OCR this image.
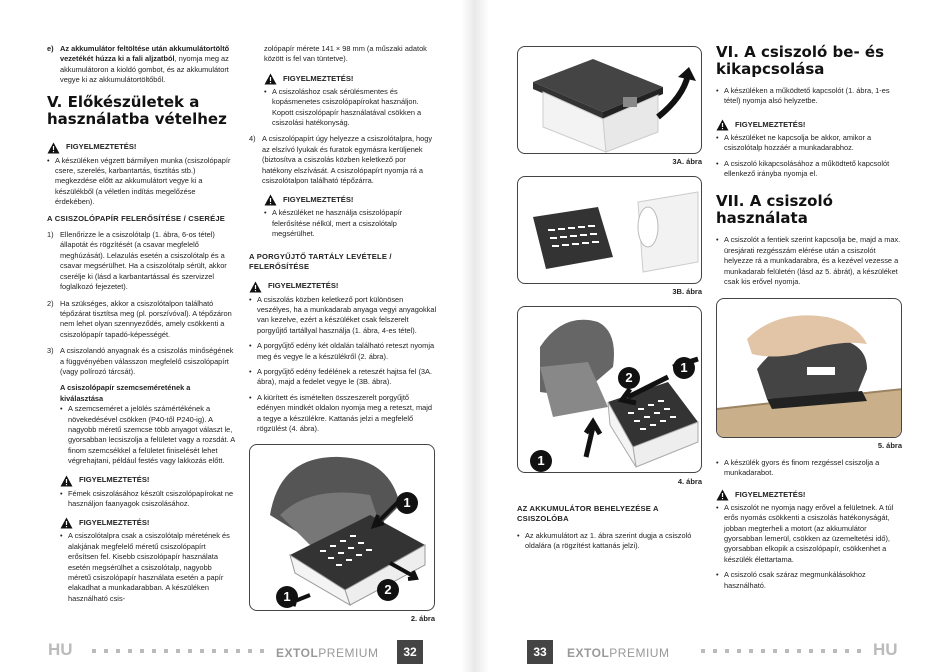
e) Az akkumulátor feltöltése után akkumulátortöltő vezetékét húzza ki a fali aljzatból, nyomja meg az akkumulátoron a kioldó gombot, és az akkumulátort vegye ki az akkumulátortöltőből.

V. Előkészületek a használatba vételhez
FIGYELMEZTETÉS!
• A készüléken végzett bármilyen munka (csiszolópapír csere, szerelés, karbantartás, tisztítás stb.) megkezdése előtt az akkumulátort vegye ki a készülékből (a véletlen indítás megelőzése érdekében).
A CSISZOLÓPAPÍR FELERŐSÍTÉSE / CSERÉJE
1) Ellenőrizze le a csiszolótalp (1. ábra, 6-os tétel) állapotát és rögzítését (a csavar megfelelő meghúzását). Lelazulás esetén a csiszolótalp és a csavar megsérülhet. Ha a csiszolótalp sérült, akkor cserélje ki (lásd a karbantartással és szervizzel foglalkozó fejezetet).
2) Ha szükséges, akkor a csiszolótalpon található tépőzárat tisztítsa meg (pl. porszívóval). A tépőzáron nem lehet olyan szennyeződés, amely csökkenti a csiszolópapír tapadó-képességét.
3) A csiszolandó anyagnak és a csiszolás minőségének a függvényében válasszon megfelelő csiszolópapírt (vagy polírozó tárcsát).
A csiszolópapír szemcseméretének a kiválasztása
• A szemcseméret a jelölés számértékének a növekedésével csökken (P40-től P240-ig). A nagyobb méretű szemcse több anyagot választ le, gyorsabban lecsiszolja a felületet vagy a rozsdát. A finom szemcsékkel a felületet finiselését lehet végrehajtani, például festés vagy lakkozás előtt.
FIGYELMEZTETÉS!
• Fémek csiszolásához készült csiszolópapírokat ne használjon faanyagok csiszolásához.
FIGYELMEZTETÉS!
• A csiszolótalpra csak a csiszolótalp méretének és alakjának megfelelő méretű csiszolópapírt erősítsen fel. Kisebb csiszolópapír használata esetén megsérülhet a csiszolótalp, nagyobb méretű csiszolópapír használata esetén a papír elakadhat a munkadarabban. A készüléken használható csis-

zolópapír mérete 141 × 98 mm (a műszaki adatok között is fel van tüntetve).

FIGYELMEZTETÉS!
• A csiszoláshoz csak sérülésmentes és kopásmenetes csiszolópapírokat használjon. Kopott csiszolópapír használatával csökken a csiszolási hatékonyság.
4) A csiszolópapírt úgy helyezze a csiszolótalpra, hogy az elszívó lyukak és furatok egymásra kerüljenek (biztosítva a csiszolás közben keletkező por hatékony elszívását. A csiszolópapírt nyomja rá a csiszolótalpon található tépőzárra.
FIGYELMEZTETÉS!
• A készüléket ne használja csiszolópapír felerősítése nélkül, mert a csiszolótalp megsérülhet.
A PORGYŰJTŐ TARTÁLY LEVÉTELE / FELERŐSÍTÉSE
FIGYELMEZTETÉS!
• A csiszolás közben keletkező port különösen veszélyes, ha a munkadarab anyaga vegyi anyagokkal van kezelve, ezért a készüléket csak felszerelt porgyűjtő tartállyal használja (1. ábra, 4-es tétel).
• A porgyűjtő edény két oldalán található reteszt nyomja meg és vegye le a készülékről (2. ábra).
• A porgyűjtő edény fedélének a reteszét hajtsa fel (3A. ábra), majd a fedelet vegye le (3B. ábra).
• A kiürített és ismételten összeszerelt porgyűjtő edényen mindkét oldalon nyomja meg a reteszt, majd a tegye a készülékre. Kattanás jelzi a megfelelő rögzülést (4. ábra).
1
2
1
2. ábra
HU	EXTOLPREMIUM	32
3A. ábra
3B. ábra
1
2
1
4. ábra
AZ AKKUMULÁTOR BEHELYEZÉSE A CSISZOLÓBA
• Az akkumulátort az 1. ábra szerint dugja a csiszoló oldalára (a rögzítést kattanás jelzi).
VI. A csiszoló be- és kikapcsolása
• A készüléken a működtető kapcsolót (1. ábra, 1-es tétel) nyomja alsó helyzetbe.
FIGYELMEZTETÉS!
• A készüléket ne kapcsolja be akkor, amikor a csiszolótalp hozzáér a munkadarabhoz.
• A csiszoló kikapcsolásához a működtető kapcsolót ellenkező irányba nyomja el.
VII. A csiszoló használata
• A csiszolót a fentiek szerint kapcsolja be, majd a max. üresjárati rezgésszám elérése után a csiszolót helyezze rá a munkadarabra, és a kezével vezesse a munkadarab felületén (lásd az 5. ábrát), a készüléket csak kis erővel nyomja.
5. ábra
• A készülék gyors és finom rezgéssel csiszolja a munkadarabot.
FIGYELMEZTETÉS!
• A csiszolót ne nyomja nagy erővel a felületnek. A túl erős nyomás csökkenti a csiszolás hatékonyságát, jobban megterheli a motort (az akkumulátor gyorsabban lemerül, csökken az üzemeltetési idő), gyorsabban elkopik a csiszolópapír, csökkenhet a készülék élettartama.
• A csiszoló csak száraz megmunkálásokhoz használható.
33	EXTOLPREMIUM	HU
